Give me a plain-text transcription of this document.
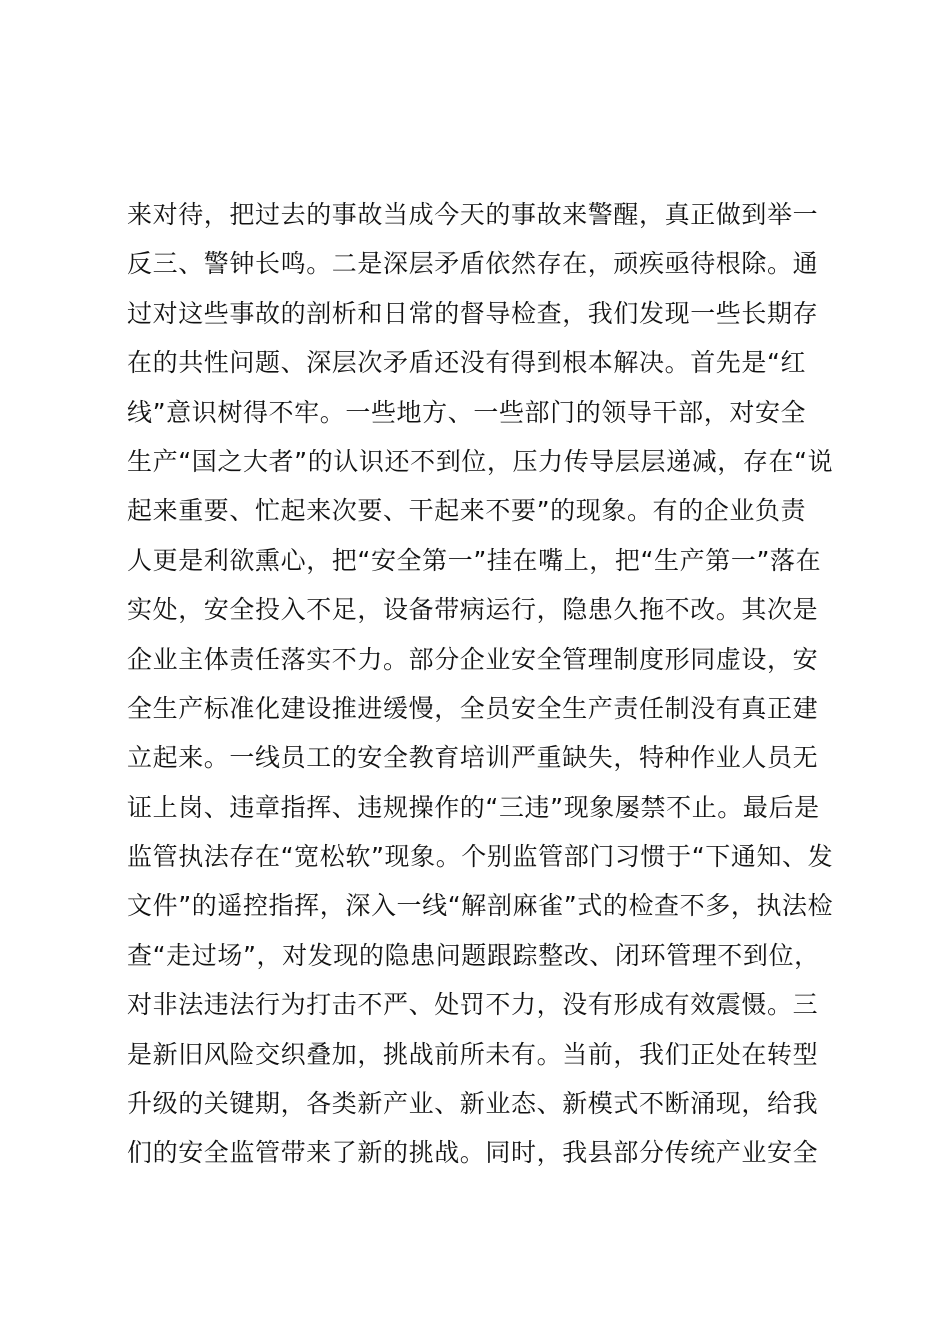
来对待，把过去的事故当成今天的事故来警醒，真正做到举一
反三、警钟长鸣。二是深层矛盾依然存在，顽疾亟待根除。通
过对这些事故的剖析和日常的督导检查，我们发现一些长期存
在的共性问题、深层次矛盾还没有得到根本解决。首先是“红
线”意识树得不牢。一些地方、一些部门的领导干部，对安全
生产“国之大者”的认识还不到位，压力传导层层递减，存在“说
起来重要、忙起来次要、干起来不要”的现象。有的企业负责
人更是利欲熏心，把“安全第一”挂在嘴上，把“生产第一”落在
实处，安全投入不足，设备带病运行，隐患久拖不改。其次是
企业主体责任落实不力。部分企业安全管理制度形同虚设，安
全生产标准化建设推进缓慢，全员安全生产责任制没有真正建
立起来。一线员工的安全教育培训严重缺失，特种作业人员无
证上岗、违章指挥、违规操作的“三违”现象屡禁不止。最后是
监管执法存在“宽松软”现象。个别监管部门习惯于“下通知、发
文件”的遥控指挥，深入一线“解剖麻雀”式的检查不多，执法检
查“走过场”，对发现的隐患问题跟踪整改、闭环管理不到位，
对非法违法行为打击不严、处罚不力，没有形成有效震慑。三
是新旧风险交织叠加，挑战前所未有。当前，我们正处在转型
升级的关键期，各类新产业、新业态、新模式不断涌现，给我
们的安全监管带来了新的挑战。同时，我县部分传统产业安全
